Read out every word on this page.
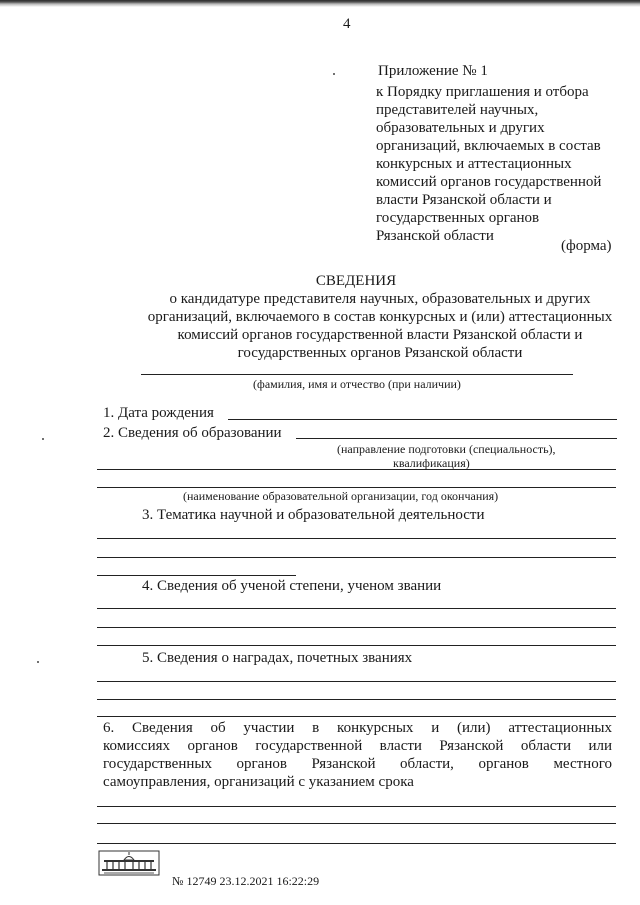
4
Приложение № 1
к Порядку приглашения и отбора
представителей научных,
образовательных и других
организаций, включаемых в состав
конкурсных и аттестационных
комиссий органов государственной
власти Рязанской области и
государственных органов
Рязанской области
(форма)
СВЕДЕНИЯ
о кандидатуре представителя научных, образовательных и других
организаций, включаемого в состав конкурсных и (или) аттестационных
комиссий органов государственной власти Рязанской области и
государственных органов Рязанской области
(фамилия, имя и отчество (при наличии)
1. Дата рождения
2. Сведения об образовании
(направление подготовки (специальность),
квалификация)
(наименование образовательной организации, год окончания)
3. Тематика научной и образовательной деятельности
4. Сведения об ученой степени, ученом звании
5. Сведения о наградах, почетных званиях
6. Сведения об участии в конкурсных и (или) аттестационных
комиссиях органов государственной власти Рязанской области или
государственных органов Рязанской области, органов местного
самоуправления, организаций с указанием срока
№ 12749 23.12.2021 16:22:29
